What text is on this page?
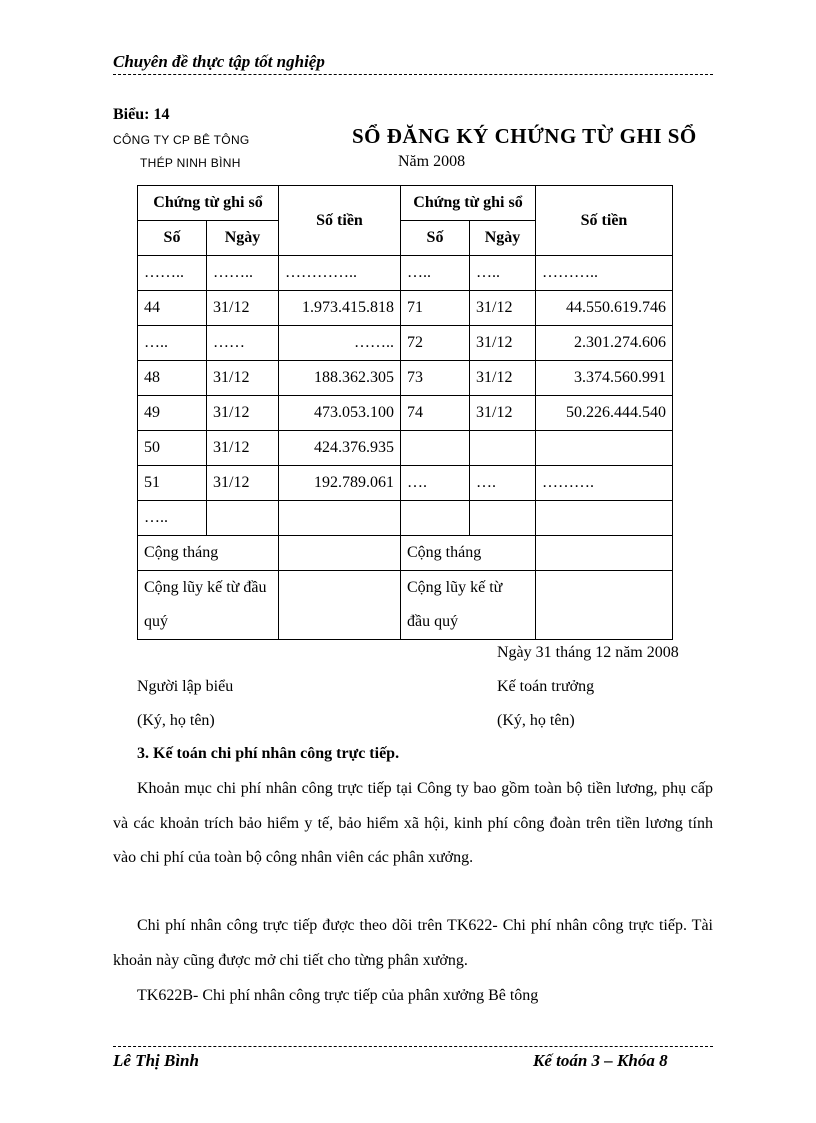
Chuyên đề thực tập tốt nghiệp
Biểu: 14
CÔNG TY CP BÊ TÔNG
THÉP NINH BÌNH
SỔ ĐĂNG KÝ CHỨNG TỪ GHI SỔ
Năm 2008
Chứng từ ghi sổ		Số tiền	Chứng từ ghi sổ		Số tiền
Số	Ngày		Số	Ngày	
……..	……..	…………..	…..	…..	………..
44	31/12	1.973.415.818	71	31/12	44.550.619.746
…..	……	……..	72	31/12	2.301.274.606
48	31/12	188.362.305	73	31/12	3.374.560.991
49	31/12	473.053.100	74	31/12	50.226.444.540
50	31/12	424.376.935			
51	31/12	192.789.061	….	….	……….
…..					
Cộng tháng			Cộng tháng		
Cộng lũy kế từ đầu quý			Cộng lũy kế từ đầu quý		
Ngày 31 tháng 12 năm 2008
Người lập biểu
(Ký, họ tên)
Kế toán trưởng
(Ký, họ tên)
3. Kế toán chi phí nhân công trực tiếp.
Khoản mục chi phí nhân công trực tiếp tại Công ty bao gồm toàn bộ tiền lương, phụ cấp và các khoản trích bảo hiểm y tế, bảo hiểm xã hội, kinh phí công đoàn trên tiền lương tính vào chi phí của toàn bộ công nhân viên các phân xưởng.
Chi phí nhân công trực tiếp được theo dõi trên TK622- Chi phí nhân công trực tiếp. Tài khoản này cũng được mở chi tiết cho từng phân xưởng.
TK622B- Chi phí nhân công trực tiếp của phân xưởng Bê tông
Lê Thị Bình	Kế toán 3 – Khóa 8
